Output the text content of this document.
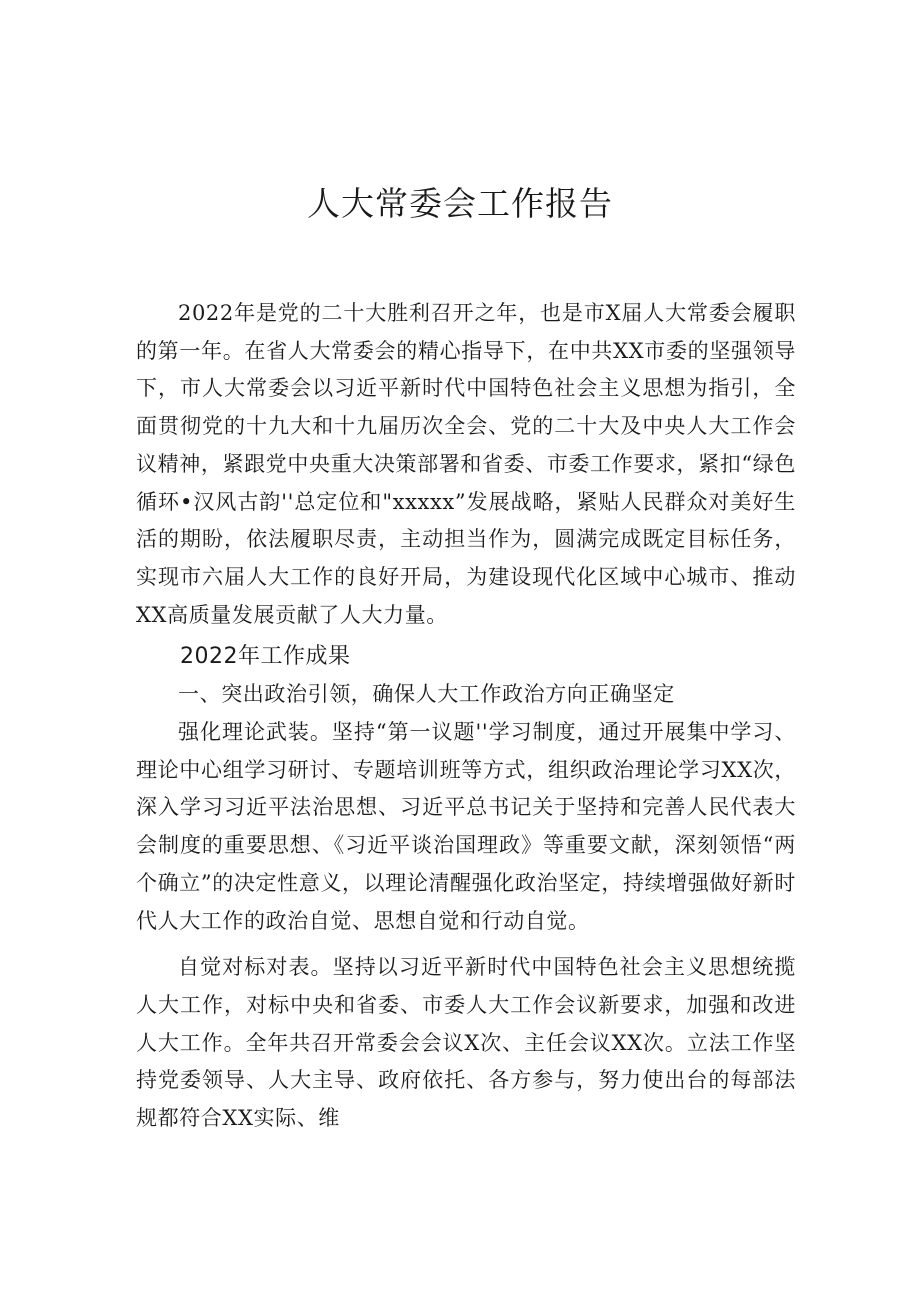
人大常委会工作报告

2022年是党的二十大胜利召开之年，也是市X届人大常委会履职的第一年。在省人大常委会的精心指导下，在中共XX市委的坚强领导下，市人大常委会以习近平新时代中国特色社会主义思想为指引，全面贯彻党的十九大和十九届历次全会、党的二十大及中央人大工作会议精神，紧跟党中央重大决策部署和省委、市委工作要求，紧扣“绿色循环•汉风古韵''总定位和"xxxxx”发展战略，紧贴人民群众对美好生活的期盼，依法履职尽责，主动担当作为，圆满完成既定目标任务，实现市六届人大工作的良好开局，为建设现代化区域中心城市、推动XX高质量发展贡献了人大力量。

2022年工作成果

一、突出政治引领，确保人大工作政治方向正确坚定

强化理论武装。坚持“第一议题''学习制度，通过开展集中学习、理论中心组学习研讨、专题培训班等方式，组织政治理论学习XX次，深入学习习近平法治思想、习近平总书记关于坚持和完善人民代表大会制度的重要思想、《习近平谈治国理政》等重要文献，深刻领悟“两个确立”的决定性意义，以理论清醒强化政治坚定，持续增强做好新时代人大工作的政治自觉、思想自觉和行动自觉。

自觉对标对表。坚持以习近平新时代中国特色社会主义思想统揽人大工作，对标中央和省委、市委人大工作会议新要求，加强和改进人大工作。全年共召开常委会会议X次、主任会议XX次。立法工作坚持党委领导、人大主导、政府依托、各方参与，努力使出台的每部法规都符合XX实际、维
